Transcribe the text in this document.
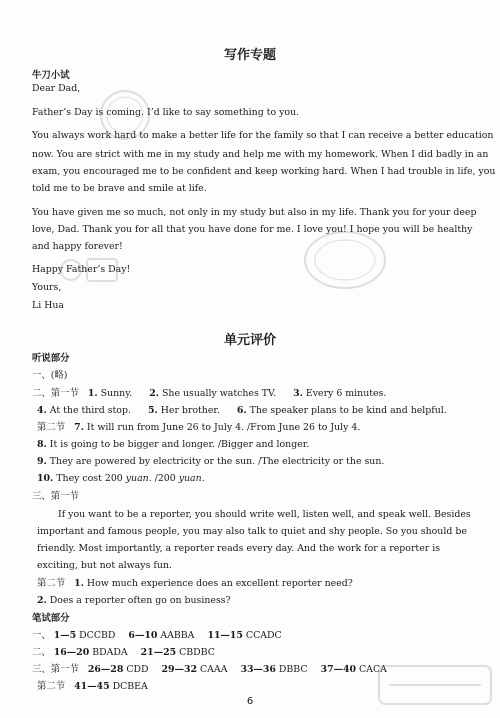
写作专题
牛刀小试
Dear Dad,
Father’s Day is coming. I’d like to say something to you.
You always work hard to make a better life for the family so that I can receive a better education
now. You are strict with me in my study and help me with my homework. When I did badly in an
exam, you encouraged me to be confident and keep working hard. When I had trouble in life, you
told me to be brave and smile at life.
You have given me so much, not only in my study but also in my life. Thank you for your deep
love, Dad. Thank you for all that you have done for me. I love you! I hope you will be healthy
and happy forever!
Happy Father’s Day!
Yours,
Li Hua
单元评价
听说部分
一、(略)
二、第一节 1. Sunny. 2. She usually watches TV. 3. Every 6 minutes.
4. At the third stop. 5. Her brother. 6. The speaker plans to be kind and helpful.
第二节 7. It will run from June 26 to July 4. /From June 26 to July 4.
8. It is going to be bigger and longer. /Bigger and longer.
9. They are powered by electricity or the sun. /The electricity or the sun.
10. They cost 200 yuan. /200 yuan.
三、第一节
If you want to be a reporter, you should write well, listen well, and speak well. Besides
important and famous people, you may also talk to quiet and shy people. So you should be
friendly. Most importantly, a reporter reads every day. And the work for a reporter is
exciting, but not always fun.
第二节 1. How much experience does an excellent reporter need?
2. Does a reporter often go on business?
笔试部分
一、 1—5 DCCBD 6—10 AABBA 11—15 CCADC
二、 16—20 BDADA 21—25 CBDBC
三、第一节 26—28 CDD 29—32 CAAA 33—36 DBBC 37—40 CACA
第二节 41—45 DCBEA
6
